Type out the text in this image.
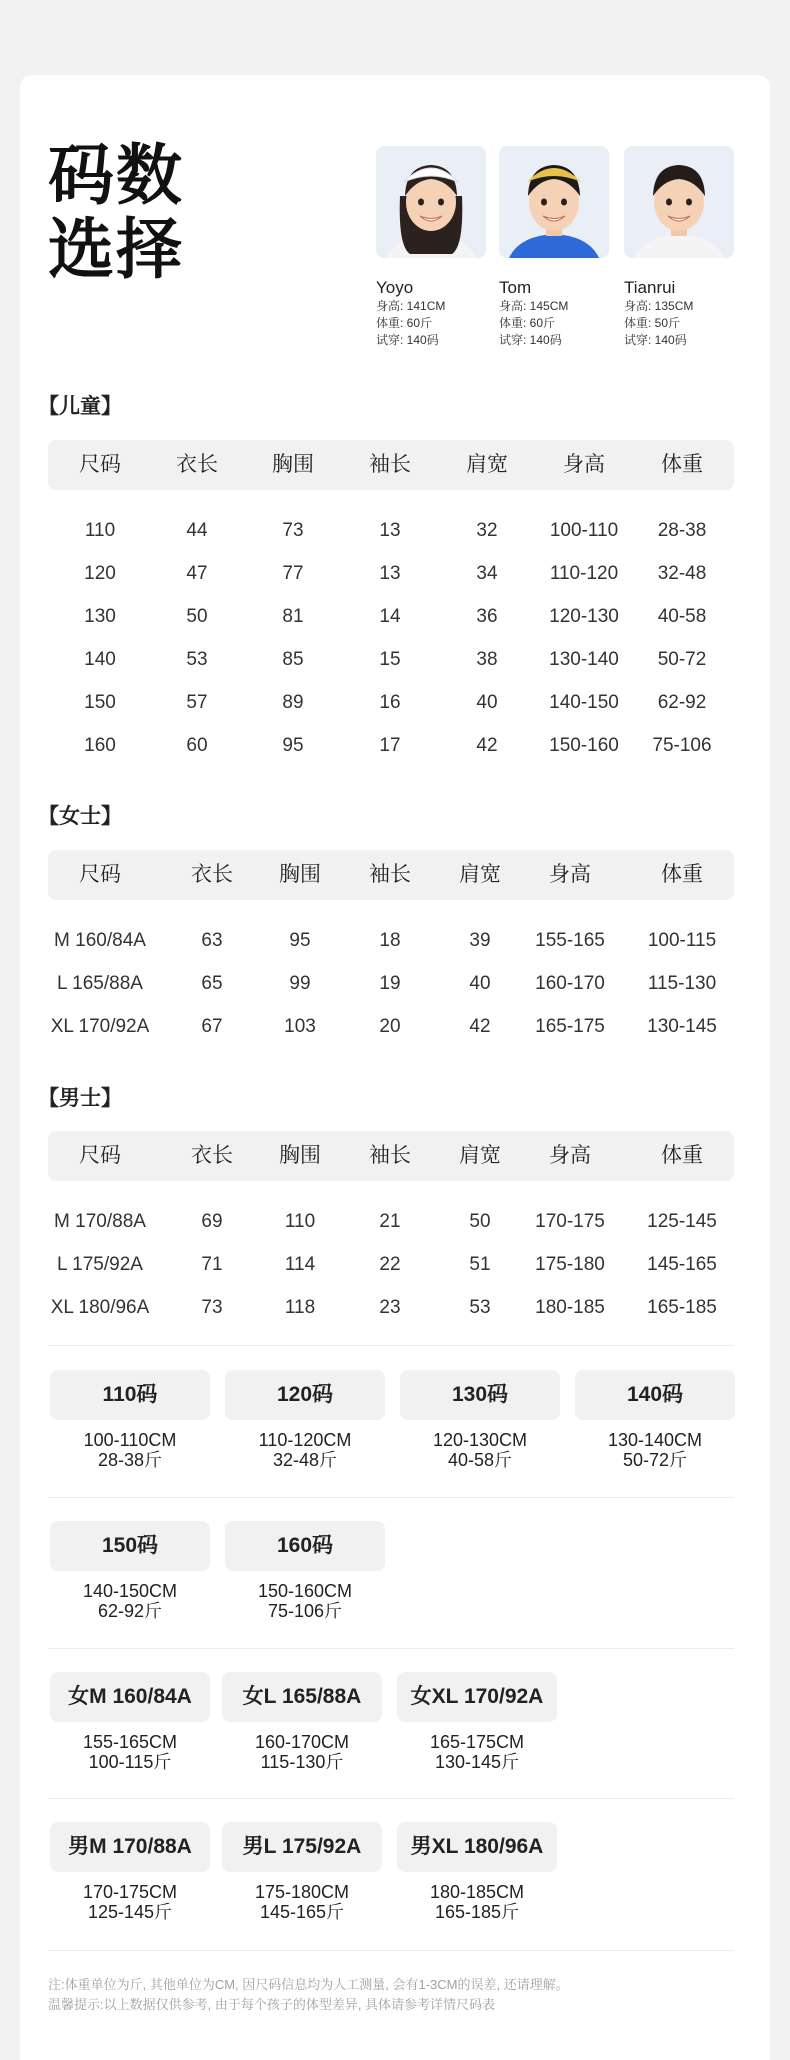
码数
选择
Yoyo
身高: 141CM
体重: 60斤
试穿: 140码
Tom
身高: 145CM
体重: 60斤
试穿: 140码
Tianrui
身高: 135CM
体重: 50斤
试穿: 140码
【儿童】
尺码	衣长	胸围	袖长	肩宽	身高	体重
110	44	73	13	32	100-110	28-38
120	47	77	13	34	110-120	32-48
130	50	81	14	36	120-130	40-58
140	53	85	15	38	130-140	50-72
150	57	89	16	40	140-150	62-92
160	60	95	17	42	150-160	75-106
【女士】
尺码	衣长	胸围	袖长	肩宽	身高	体重
M 160/84A	63	95	18	39	155-165	100-115
L 165/88A	65	99	19	40	160-170	115-130
XL 170/92A	67	103	20	42	165-175	130-145
【男士】
尺码	衣长	胸围	袖长	肩宽	身高	体重
M 170/88A	69	110	21	50	170-175	125-145
L 175/92A	71	114	22	51	175-180	145-165
XL 180/96A	73	118	23	53	180-185	165-185
110码
100-110CM
28-38斤
120码
110-120CM
32-48斤
130码
120-130CM
40-58斤
140码
130-140CM
50-72斤
150码
140-150CM
62-92斤
160码
150-160CM
75-106斤
女M 160/84A
155-165CM
100-115斤
女L 165/88A
160-170CM
115-130斤
女XL 170/92A
165-175CM
130-145斤
男M 170/88A
170-175CM
125-145斤
男L 175/92A
175-180CM
145-165斤
男XL 180/96A
180-185CM
165-185斤
注:体重单位为斤, 其他单位为CM, 因尺码信息均为人工测量, 会有1-3CM的误差, 还请理解。
温馨提示:以上数据仅供参考, 由于每个孩子的体型差异, 具体请参考详情尺码表
